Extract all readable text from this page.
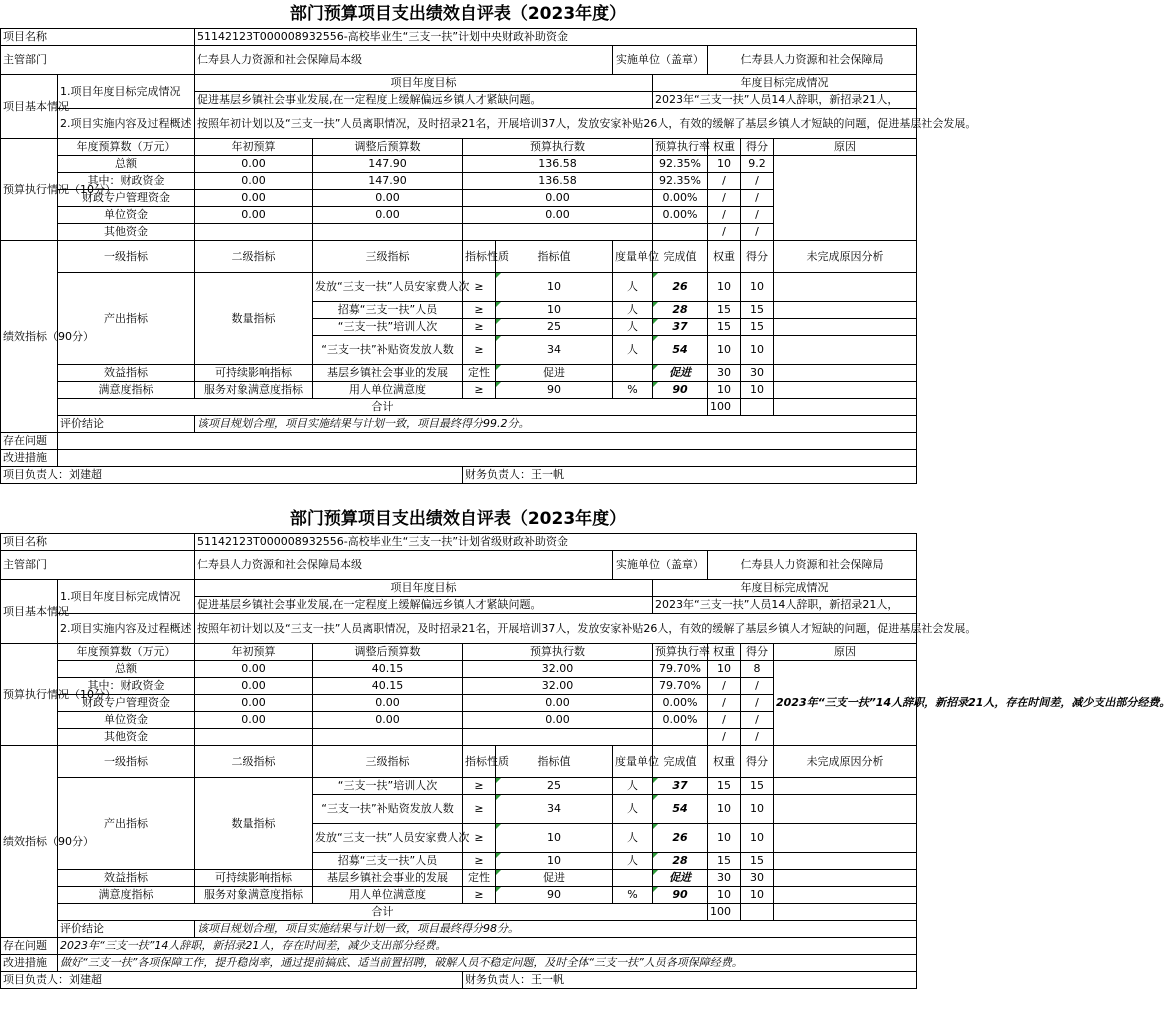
部门预算项目支出绩效自评表（2023年度）
项目名称		51142123T000008932556-高校毕业生“三支一扶”计划中央财政补助资金								
主管部门		仁寿县人力资源和社会保障局本级				实施单位（盖章）		仁寿县人力资源和社会保障局		
项目基本情况	1.项目年度目标完成情况	项目年度目标					年度目标完成情况			
		促进基层乡镇社会事业发展,在一定程度上缓解偏远乡镇人才紧缺问题。					2023年“三支一扶”人员14人辞职，新招录21人，			
	2.项目实施内容及过程概述	按照年初计划以及“三支一扶”人员离职情况，及时招录21名，开展培训37人，发放安家补贴26人，有效的缓解了基层乡镇人才短缺的问题，促进基层社会发展。								
预算执行情况（10分）	年度预算数（万元）	年初预算	调整后预算数	预算执行数			预算执行率	权重	得分	原因
	总额	0.00	147.90	136.58			92.35%	10	9.2	
	其中：财政资金	0.00	147.90	136.58			92.35%	/	/	
	财政专户管理资金	0.00	0.00	0.00			0.00%	/	/	
	单位资金	0.00	0.00	0.00			0.00%	/	/	
	其他资金							/	/	
绩效指标（90分）	一级指标	二级指标	三级指标	指标性质	指标值	度量单位	完成值	权重	得分	未完成原因分析
	产出指标	数量指标	发放“三支一扶”人员安家费人次	≥	10	人	26	10	10	
			招募“三支一扶”人员	≥	10	人	28	15	15	
			“三支一扶”培训人次	≥	25	人	37	15	15	
			“三支一扶”补贴资发放人数	≥	34	人	54	10	10	
	效益指标	可持续影响指标	基层乡镇社会事业的发展	定性	促进		促进	30	30	
	满意度指标	服务对象满意度指标	用人单位满意度	≥	90	%	90	10	10	
	合计							100		
	评价结论	该项目规划合理，项目实施结果与计划一致，项目最终得分99.2分。								
存在问题										
改进措施										
项目负责人：刘建超				财务负责人：王一帆						
部门预算项目支出绩效自评表（2023年度）
项目名称		51142123T000008932556-高校毕业生“三支一扶”计划省级财政补助资金								
主管部门		仁寿县人力资源和社会保障局本级				实施单位（盖章）		仁寿县人力资源和社会保障局		
项目基本情况	1.项目年度目标完成情况	项目年度目标					年度目标完成情况			
		促进基层乡镇社会事业发展,在一定程度上缓解偏远乡镇人才紧缺问题。					2023年“三支一扶”人员14人辞职，新招录21人，			
	2.项目实施内容及过程概述	按照年初计划以及“三支一扶”人员离职情况，及时招录21名，开展培训37人，发放安家补贴26人，有效的缓解了基层乡镇人才短缺的问题，促进基层社会发展。								
预算执行情况（10分）	年度预算数（万元）	年初预算	调整后预算数	预算执行数			预算执行率	权重	得分	原因
	总额	0.00	40.15	32.00			79.70%	10	8	2023年“三支一扶”14人辞职，新招录21人，存在时间差，减少支出部分经费。
	其中：财政资金	0.00	40.15	32.00			79.70%	/	/	
	财政专户管理资金	0.00	0.00	0.00			0.00%	/	/	
	单位资金	0.00	0.00	0.00			0.00%	/	/	
	其他资金							/	/	
绩效指标（90分）	一级指标	二级指标	三级指标	指标性质	指标值	度量单位	完成值	权重	得分	未完成原因分析
	产出指标	数量指标	“三支一扶”培训人次	≥	25	人	37	15	15	
			“三支一扶”补贴资发放人数	≥	34	人	54	10	10	
			发放“三支一扶”人员安家费人次	≥	10	人	26	10	10	
			招募“三支一扶”人员	≥	10	人	28	15	15	
	效益指标	可持续影响指标	基层乡镇社会事业的发展	定性	促进		促进	30	30	
	满意度指标	服务对象满意度指标	用人单位满意度	≥	90	%	90	10	10	
	合计							100		
	评价结论	该项目规划合理，项目实施结果与计划一致，项目最终得分98分。								
存在问题	2023年“三支一扶”14人辞职，新招录21人，存在时间差，减少支出部分经费。									
改进措施	做好“三支一扶”各项保障工作，提升稳岗率，通过提前搞底、适当前置招聘，破解人员不稳定问题，及时全体“三支一扶”人员各项保障经费。									
项目负责人：刘建超				财务负责人：王一帆						
